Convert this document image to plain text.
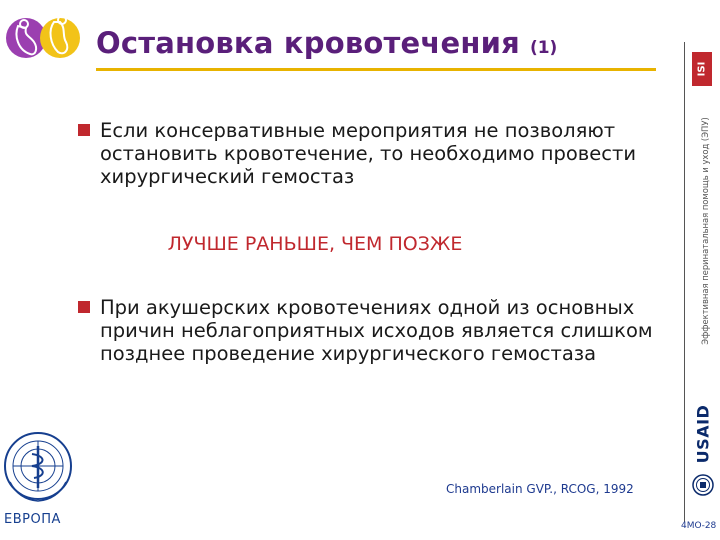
Остановка кровотечения (1)
ISI
Эффективная перинатальная помощь и уход (ЭПУ)
USAID
Если консервативные мероприятия не позволяют остановить кровотечение, то необходимо провести хирургический гемостаз
ЛУЧШЕ РАНЬШЕ, ЧЕМ ПОЗЖЕ
При акушерских кровотечениях одной из основных причин неблагоприятных исходов является слишком позднее проведение хирургического гемостаза
ЕВРОПА
Chamberlain GVP., RCOG, 1992
4МО-28
